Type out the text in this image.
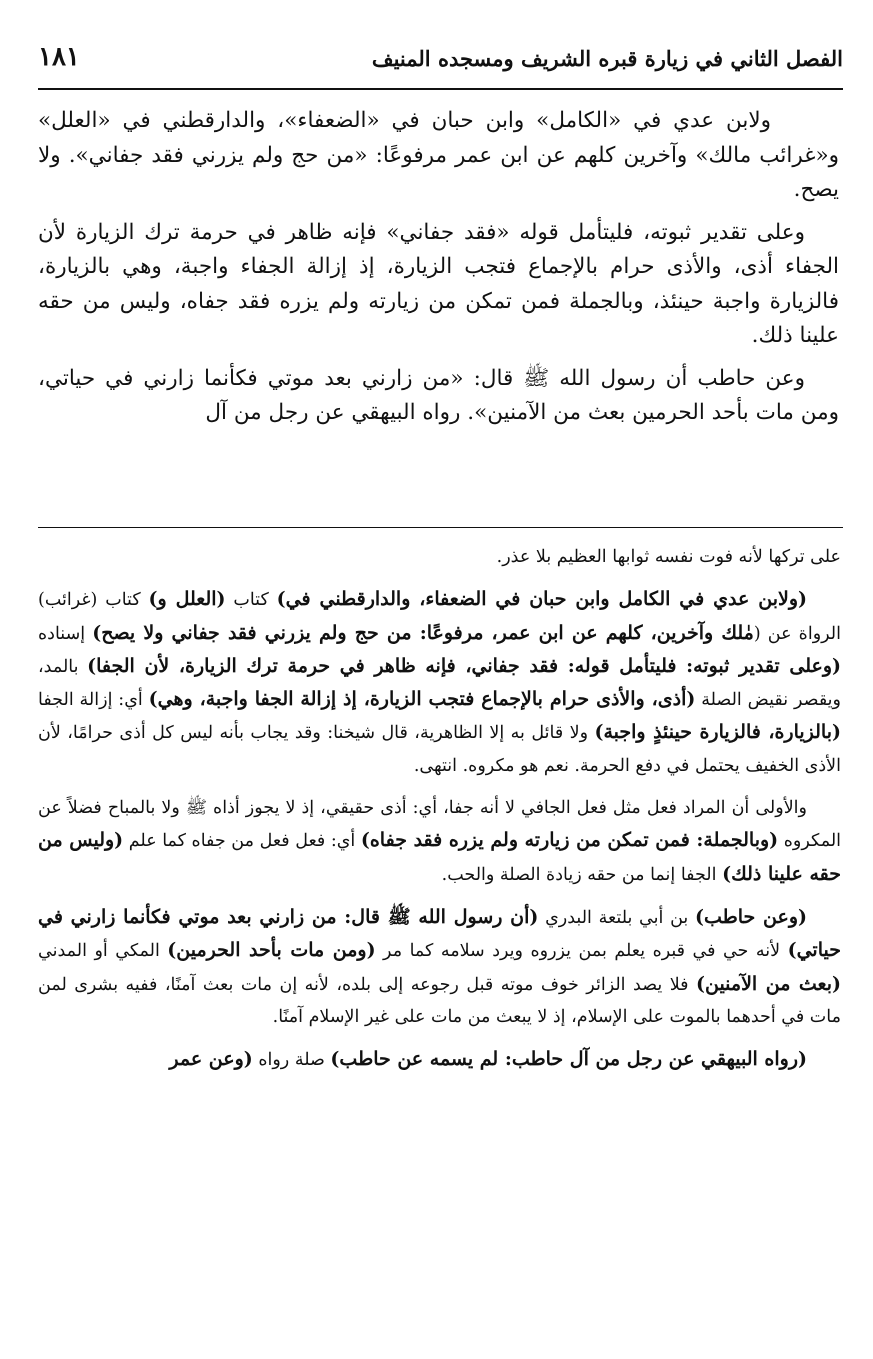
الفصل الثاني في زيارة قبره الشريف ومسجده المنيف
١٨١

ولابن عدي في «الكامل» وابن حبان في «الضعفاء»، والدارقطني في «العلل» و«غرائب مالك» وآخرين كلهم عن ابن عمر مرفوعًا: «من حج ولم يزرني فقد جفاني». ولا يصح.

وعلى تقدير ثبوته، فليتأمل قوله «فقد جفاني» فإنه ظاهر في حرمة ترك الزيارة لأن الجفاء أذى، والأذى حرام بالإجماع فتجب الزيارة، إذ إزالة الجفاء واجبة، وهي بالزيارة، فالزيارة واجبة حينئذ، وبالجملة فمن تمكن من زيارته ولم يزره فقد جفاه، وليس من حقه علينا ذلك.

وعن حاطب أن رسول الله ﷺ قال: «من زارني بعد موتي فكأنما زارني في حياتي، ومن مات بأحد الحرمين بعث من الآمنين». رواه البيهقي عن رجل من آل

على تركها لأنه فوت نفسه ثوابها العظيم بلا عذر.

(ولابن عدي في الكامل وابن حبان في الضعفاء، والدارقطني في) كتاب (العلل و) كتاب (غرائب) الرواة عن (مٰلك وآخرين، كلهم عن ابن عمر، مرفوعًا: من حج ولم يزرني فقد جفاني ولا يصح) إسناده (وعلى تقدير ثبوته: فليتأمل قوله: فقد جفاني، فإنه ظاهر في حرمة ترك الزيارة، لأن الجفا) بالمد، ويقصر نقيض الصلة (أذى، والأذى حرام بالإجماع فتجب الزيارة، إذ إزالة الجفا واجبة، وهي) أي: إزالة الجفا (بالزيارة، فالزيارة حينئذٍ واجبة) ولا قائل به إلا الظاهرية، قال شيخنا: وقد يجاب بأنه ليس كل أذى حرامًا، لأن الأذى الخفيف يحتمل في دفع الحرمة. نعم هو مكروه. انتهى.

والأولى أن المراد فعل مثل فعل الجافي لا أنه جفا، أي: أذى حقيقي، إذ لا يجوز أذاه ﷺ ولا بالمباح فضلاً عن المكروه (وبالجملة: فمن تمكن من زيارته ولم يزره فقد جفاه) أي: فعل فعل من جفاه كما علم (وليس من حقه علينا ذلك) الجفا إنما من حقه زيادة الصلة والحب.

(وعن حاطب) بن أبي بلتعة البدري (أن رسول الله ﷺ قال: من زارني بعد موتي فكأنما زارني في حياتي) لأنه حي في قبره يعلم بمن يزروه ويرد سلامه كما مر (ومن مات بأحد الحرمين) المكي أو المدني (بعث من الآمنين) فلا يصد الزائر خوف موته قبل رجوعه إلى بلده، لأنه إن مات بعث آمنًا، ففيه بشرى لمن مات في أحدهما بالموت على الإسلام، إذ لا يبعث من مات على غير الإسلام آمنًا.

(رواه البيهقي عن رجل من آل حاطب: لم يسمه عن حاطب) صلة رواه (وعن عمر
